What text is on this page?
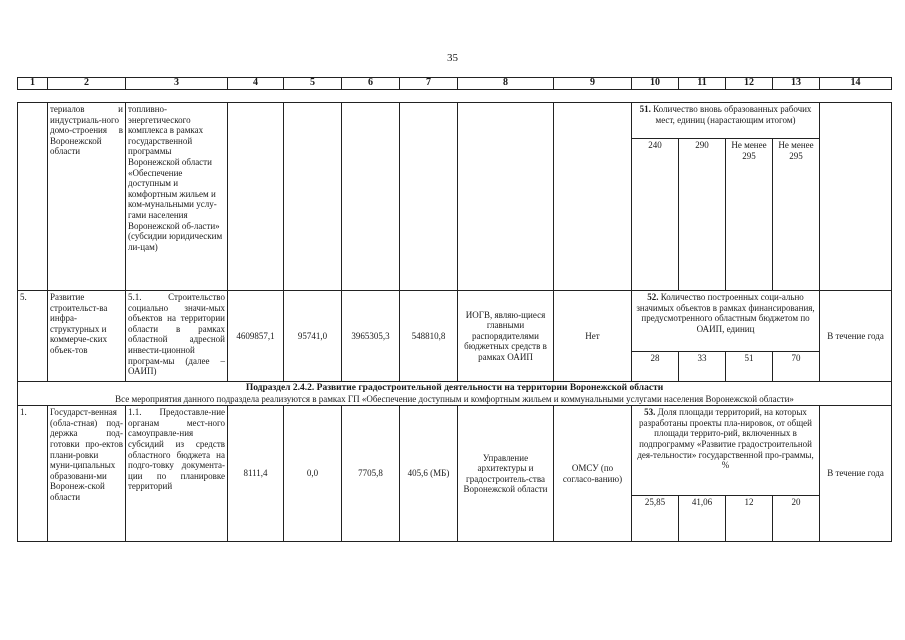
35
1	2	3	4	5	6	7	8	9	10	11	12	13	14
	териалов и индустриаль-ного домо-строения в Воронежской области	топливно-энергетического комплекса в рамках государственной программы Воронежской области «Обеспечение доступным и комфортным жильем и ком-мунальными услу-гами населения Воронежской об-ласти» (субсидии юридическим ли-цам)							51. Количество вновь образованных рабочих мест, единиц (нарастающим итогом)				
									240	290	Не менее 295	Не менее 295	
5.	Развитие строительст-ва инфра-структурных и коммерче-ских объек-тов	5.1. Строительство социально значи-мых объектов на территории области в рамках областной адресной инвести-ционной програм-мы (далее – ОАИП)	4609857,1	95741,0	3965305,3	548810,8	ИОГВ, являю-щиеся главными распорядителями бюджетных средств в рамках ОАИП	Нет	52. Количество построенных соци-ально значимых объектов в рамках финансирования, предусмотренного областным бюджетом по ОАИП, единиц				В течение года
									28	33	51	70	

Подраздел 2.4.2. Развитие градостроительной деятельности на территории Воронежской области
Все мероприятия данного подраздела реализуются в рамках ГП «Обеспечение доступным и комфортным жильем и коммунальными услугами населения Воронежской области»													

1.	Государст-венная (обла-стная) под-держка под-готовки про-ектов плани-ровки муни-ципальных образовани-ми Воронеж-ской области	1.1. Предоставле-ние органам мест-ного самоуправле-ния субсидий из средств областного бюджета на подго-товку документа-ции по планировке территорий	8111,4	0,0	7705,8	405,6 (МБ)	Управление архитектуры и градостроитель-ства Воронежской области	ОМСУ (по согласо-ванию)	53. Доля площади территорий, на которых разработаны проекты пла-нировок, от общей площади террито-рий, включенных в подпрограмму «Развитие градостроительной дея-тельности» государственной про-граммы, %				В течение года
									25,85	41,06	12	20	
